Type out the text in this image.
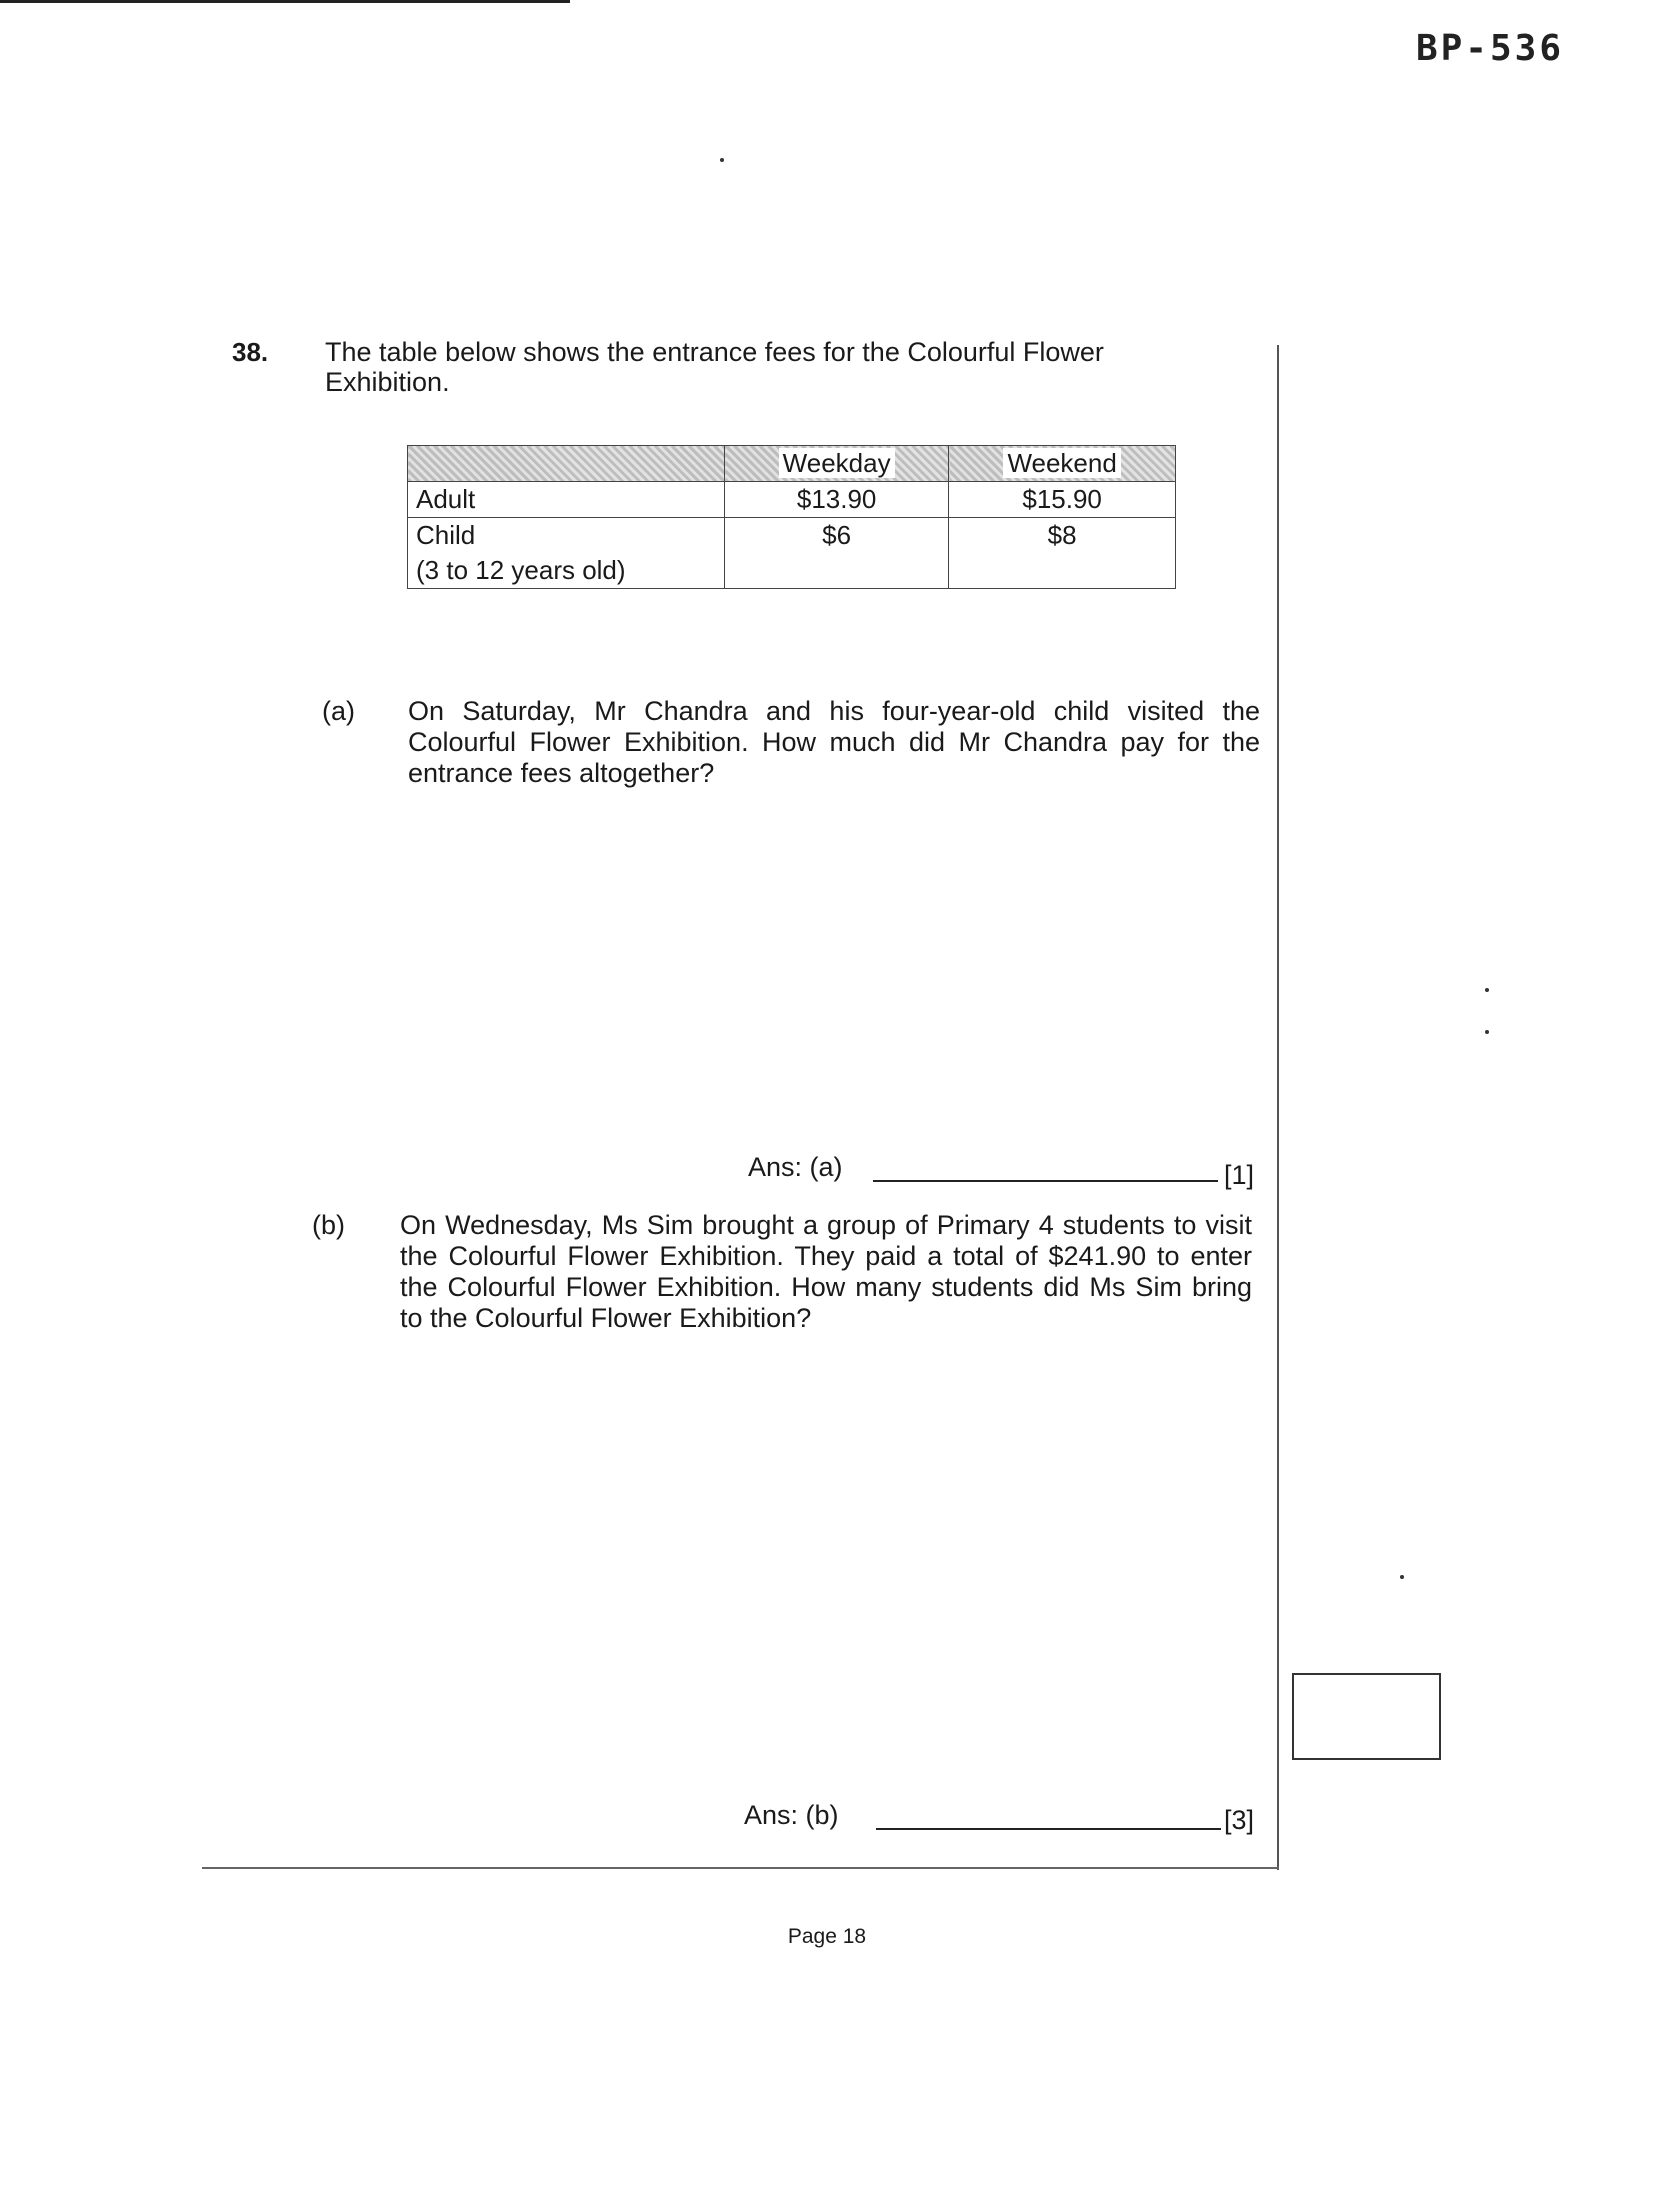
BP-536
38. The table below shows the entrance fees for the Colourful Flower Exhibition.
	Weekday	Weekend
Adult	$13.90	$15.90
Child
(3 to 12 years old)	$6	$8
(a) On Saturday, Mr Chandra and his four-year-old child visited the Colourful Flower Exhibition. How much did Mr Chandra pay for the entrance fees altogether?
Ans: (a)	[1]
(b) On Wednesday, Ms Sim brought a group of Primary 4 students to visit the Colourful Flower Exhibition. They paid a total of $241.90 to enter the Colourful Flower Exhibition. How many students did Ms Sim bring to the Colourful Flower Exhibition?
Ans: (b)	[3]
Page 18
